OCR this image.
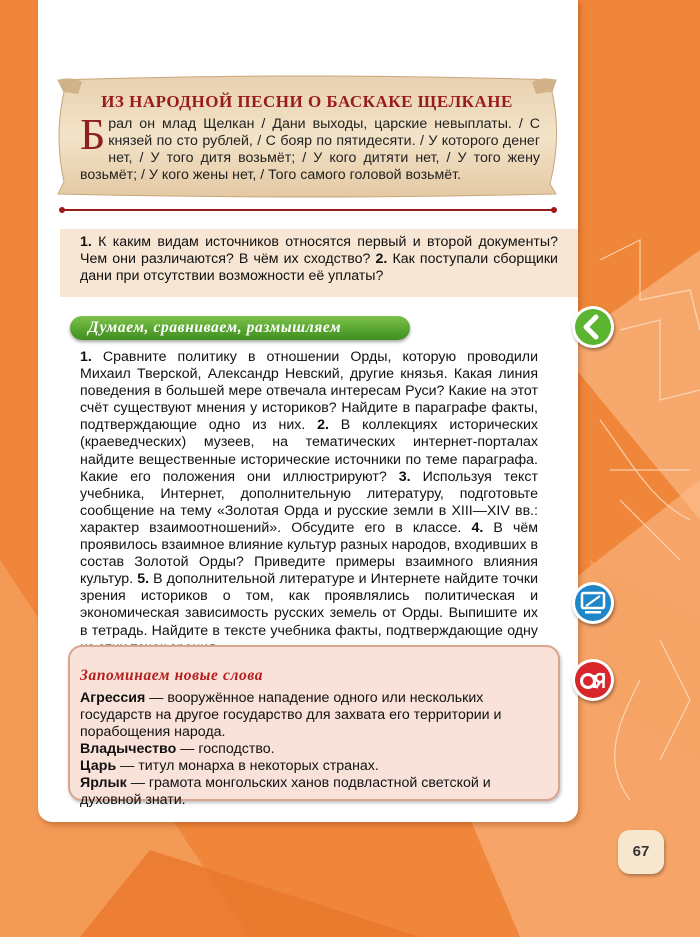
ИЗ НАРОДНОЙ ПЕСНИ О БАСКАКЕ ЩЕЛКАНЕ
Брал он млад Щелкан / Дани выходы, царские невыплаты. / С князей по сто рублей, / С бояр по пятидесяти. / У которого денег нет, / У того дитя возьмёт; / У кого дитяти нет, / У того жену возьмёт; / У кого жены нет, / Того самого головой возьмёт.

1. К каким видам источников относятся первый и второй документы? Чем они различаются? В чём их сходство? 2. Как поступали сборщики дани при отсутствии возможности её уплаты?

Думаем, сравниваем, размышляем

1. Сравните политику в отношении Орды, которую проводили Михаил Тверской, Александр Невский, другие князья. Какая линия поведения в большей мере отвечала интересам Руси? Какие на этот счёт существуют мнения у историков? Найдите в параграфе факты, подтверждающие одно из них. 2. В коллекциях исторических (краеведческих) музеев, на тематических интернет-порталах найдите вещественные исторические источники по теме параграфа. Какие его положения они иллюстрируют? 3. Используя текст учебника, Интернет, дополнительную литературу, подготовьте сообщение на тему «Золотая Орда и русские земли в XIII—XIV вв.: характер взаимоотношений». Обсудите его в классе. 4. В чём проявилось взаимное влияние культур разных народов, входивших в состав Золотой Орды? Приведите примеры взаимного влияния культур. 5. В дополнительной литературе и Интернете найдите точки зрения историков о том, как проявлялись политическая и экономическая зависимость русских земель от Орды. Выпишите их в тетрадь. Найдите в тексте учебника факты, подтверждающие одну

Запоминаем новые слова

Агрессия — вооружённое нападение одного или нескольких государств на другое государство для захвата его территории и порабощения народа.

Владычество — господство.

Царь — титул монарха в некоторых странах.

Ярлык — грамота монгольских ханов подвластной светской и духовной знати.

67
